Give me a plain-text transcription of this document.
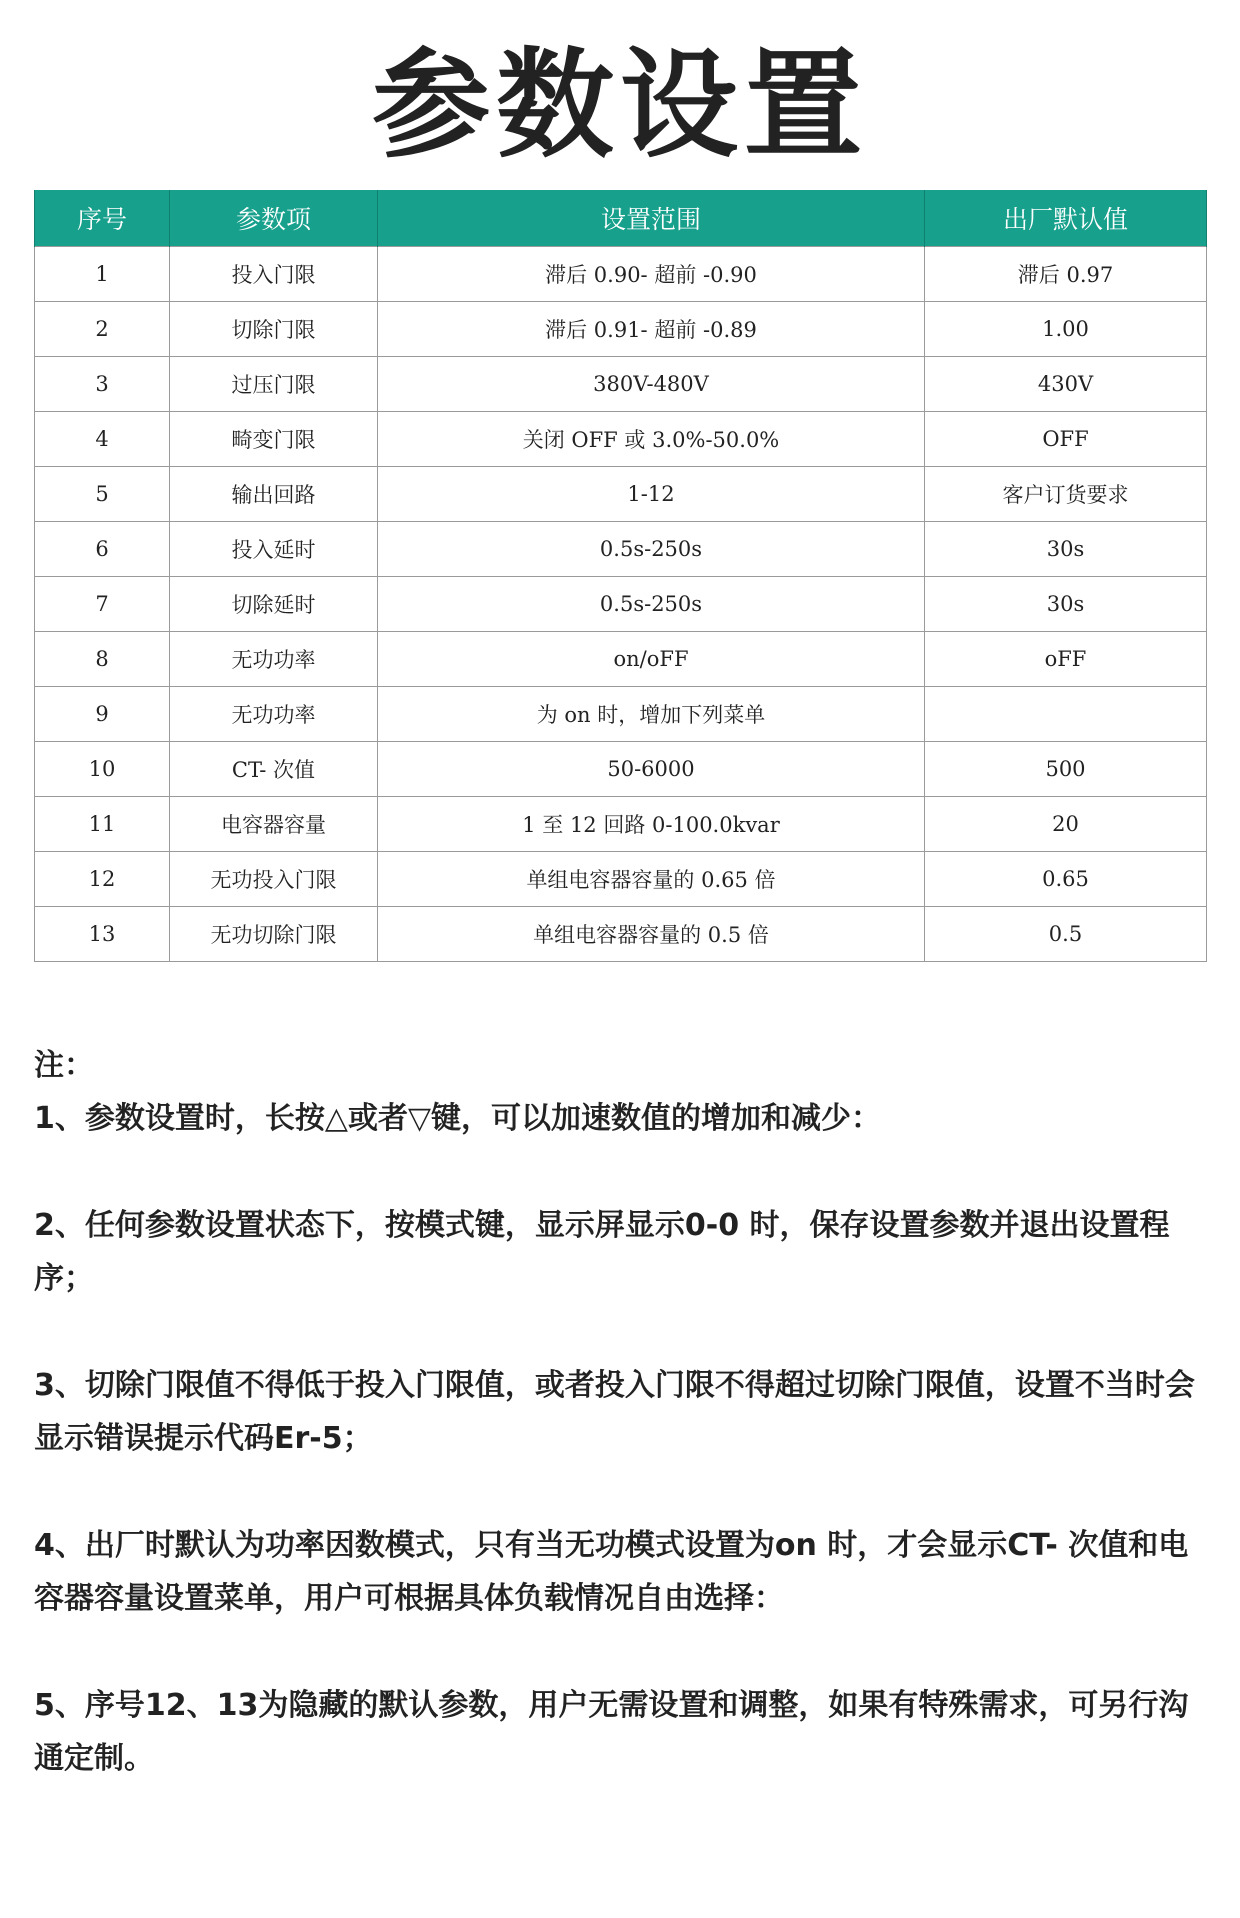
参数设置
序号	参数项	设置范围	出厂默认值
1	投入门限	滞后 0.90- 超前 -0.90	滞后 0.97
2	切除门限	滞后 0.91- 超前 -0.89	1.00
3	过压门限	380V-480V	430V
4	畸变门限	关闭 OFF 或 3.0%-50.0%	OFF
5	输出回路	1-12	客户订货要求
6	投入延时	0.5s-250s	30s
7	切除延时	0.5s-250s	30s
8	无功功率	on/oFF	oFF
9	无功功率	为 on 时，增加下列菜单	
10	CT- 次值	50-6000	500
11	电容器容量	1 至 12 回路 0-100.0kvar	20
12	无功投入门限	单组电容器容量的 0.65 倍	0.65
13	无功切除门限	单组电容器容量的 0.5 倍	0.5

注：

1、参数设置时，长按△或者▽键，可以加速数值的增加和减少：

2、任何参数设置状态下，按模式键，显示屏显示0-0 时，保存设置参数并退出设置程序；

3、切除门限值不得低于投入门限值，或者投入门限不得超过切除门限值，设置不当时会显示错误提示代码Er-5；

4、出厂时默认为功率因数模式，只有当无功模式设置为on 时，才会显示CT- 次值和电容器容量设置菜单，用户可根据具体负载情况自由选择：

5、序号12、13为隐藏的默认参数，用户无需设置和调整，如果有特殊需求，可另行沟通定制。
